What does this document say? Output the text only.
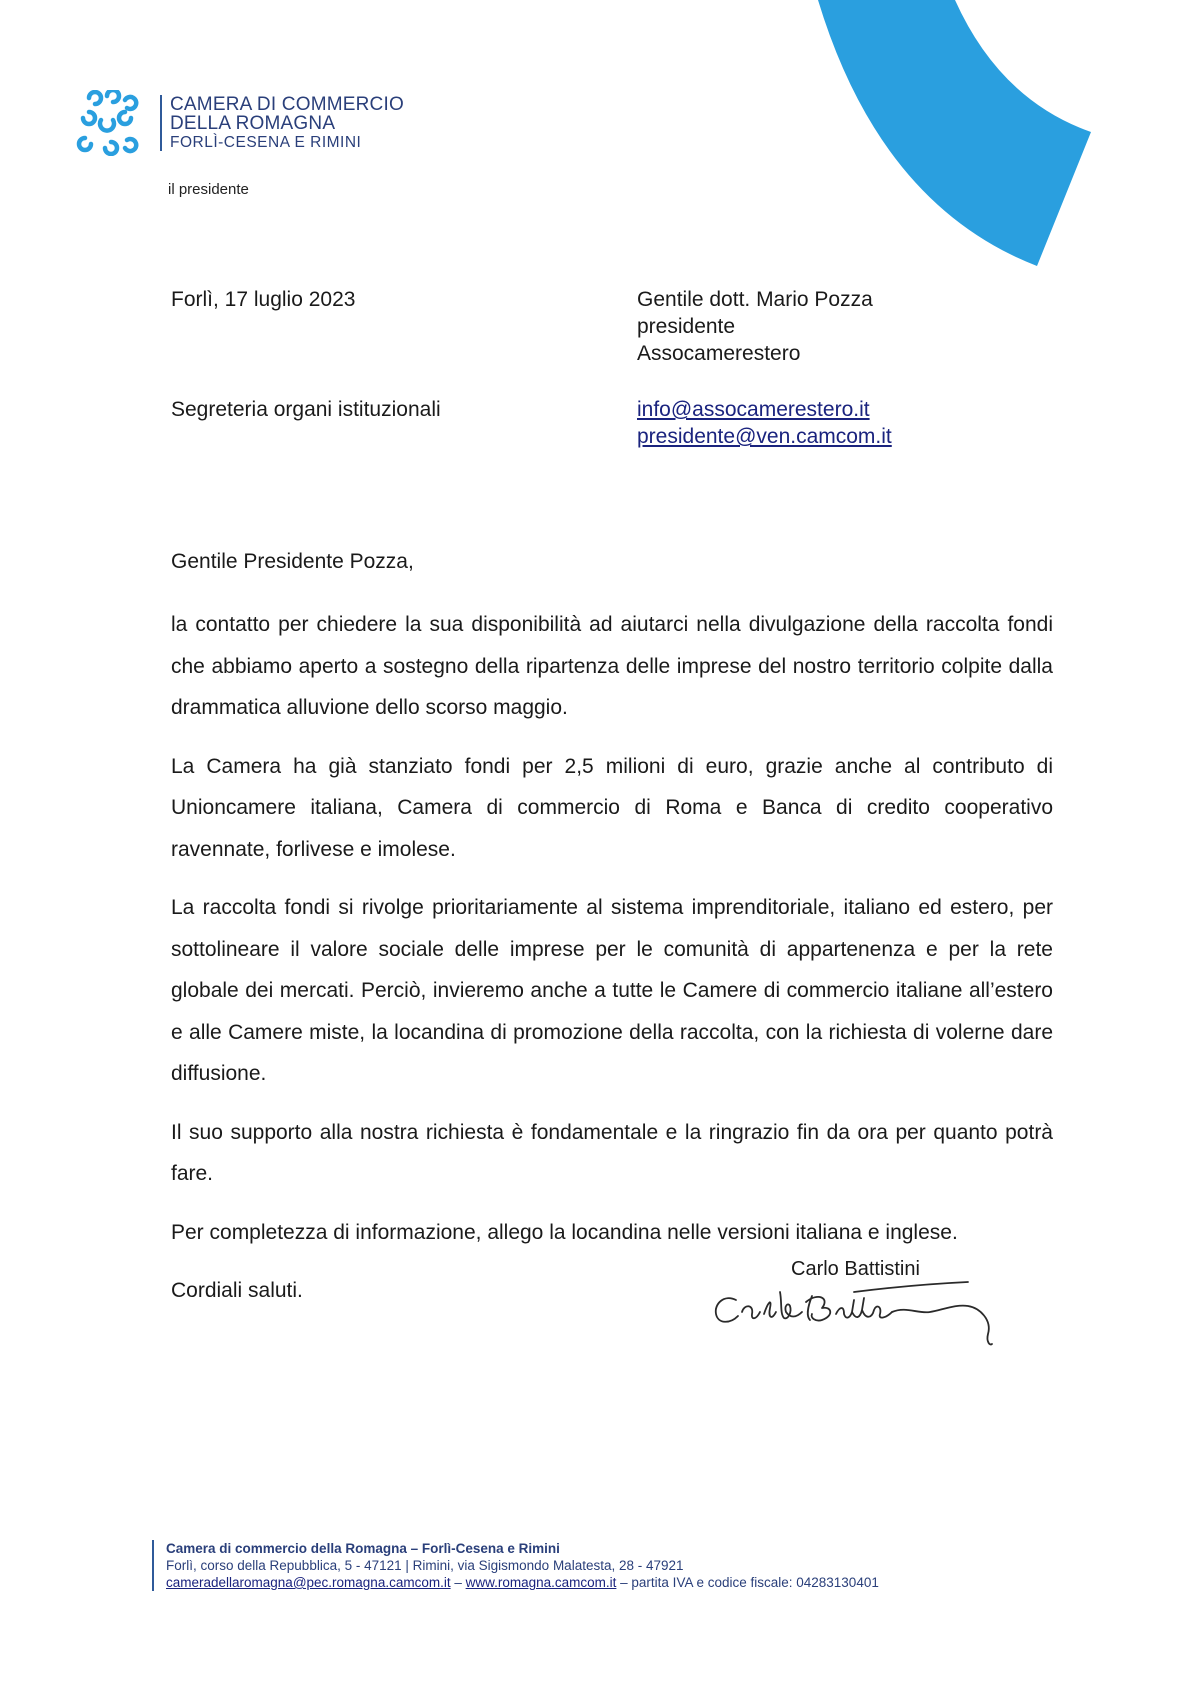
CAMERA DI COMMERCIO
DELLA ROMAGNA
FORLÌ-CESENA E RIMINI
il presidente
Forlì, 17 luglio 2023
Segreteria organi istituzionali
Gentile dott. Mario Pozza
presidente
Assocamerestero
info@assocamerestero.it
presidente@ven.camcom.it
Gentile Presidente Pozza,

la contatto per chiedere la sua disponibilità ad aiutarci nella divulgazione della raccolta fondi che abbiamo aperto a sostegno della ripartenza delle imprese del nostro territorio colpite dalla drammatica alluvione dello scorso maggio.

La Camera ha già stanziato fondi per 2,5 milioni di euro, grazie anche al contributo di Unioncamere italiana, Camera di commercio di Roma e Banca di credito cooperativo ravennate, forlivese e imolese.

La raccolta fondi si rivolge prioritariamente al sistema imprenditoriale, italiano ed estero, per sottolineare il valore sociale delle imprese per le comunità di appartenenza e per la rete globale dei mercati. Perciò, invieremo anche a tutte le Camere di commercio italiane all’estero e alle Camere miste, la locandina di promozione della raccolta, con la richiesta di volerne dare diffusione.

Il suo supporto alla nostra richiesta è fondamentale e la ringrazio fin da ora per quanto potrà fare.

Per completezza di informazione, allego la locandina nelle versioni italiana e inglese.

Cordiali saluti.

Carlo Battistini
Camera di commercio della Romagna – Forlì-Cesena e Rimini
Forlì, corso della Repubblica, 5 - 47121 | Rimini, via Sigismondo Malatesta, 28 - 47921
cameradellaromagna@pec.romagna.camcom.it – www.romagna.camcom.it – partita IVA e codice fiscale: 04283130401
